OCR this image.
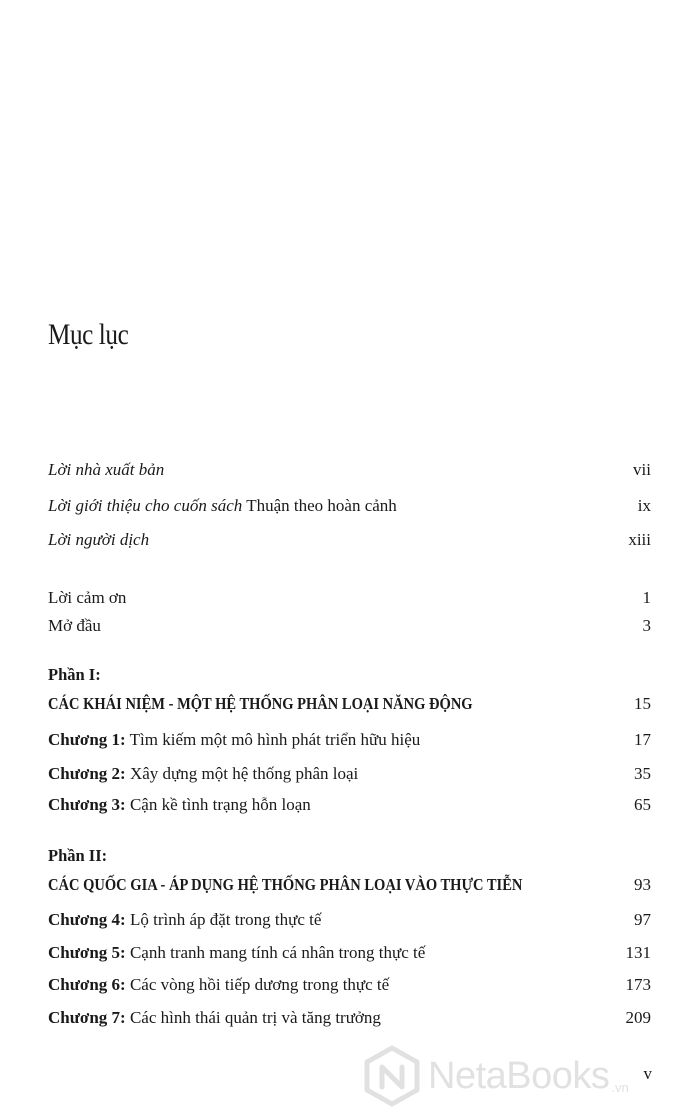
Mục lục
Lời nhà xuất bản	vii
Lời giới thiệu cho cuốn sách Thuận theo hoàn cảnh	ix
Lời người dịch	xiii
Lời cảm ơn	1
Mở đầu	3
Phần I:
CÁC KHÁI NIỆM - MỘT HỆ THỐNG PHÂN LOẠI NĂNG ĐỘNG	15
Chương 1: Tìm kiếm một mô hình phát triển hữu hiệu	17
Chương 2: Xây dựng một hệ thống phân loại	35
Chương 3: Cận kề tình trạng hỗn loạn	65
Phần II:
CÁC QUỐC GIA - ÁP DỤNG HỆ THỐNG PHÂN LOẠI VÀO THỰC TIỄN	93
Chương 4: Lộ trình áp đặt trong thực tế	97
Chương 5: Cạnh tranh mang tính cá nhân trong thực tế	131
Chương 6: Các vòng hồi tiếp dương trong thực tế	173
Chương 7: Các hình thái quản trị và tăng trưởng	209
NetaBooks .vn
v
